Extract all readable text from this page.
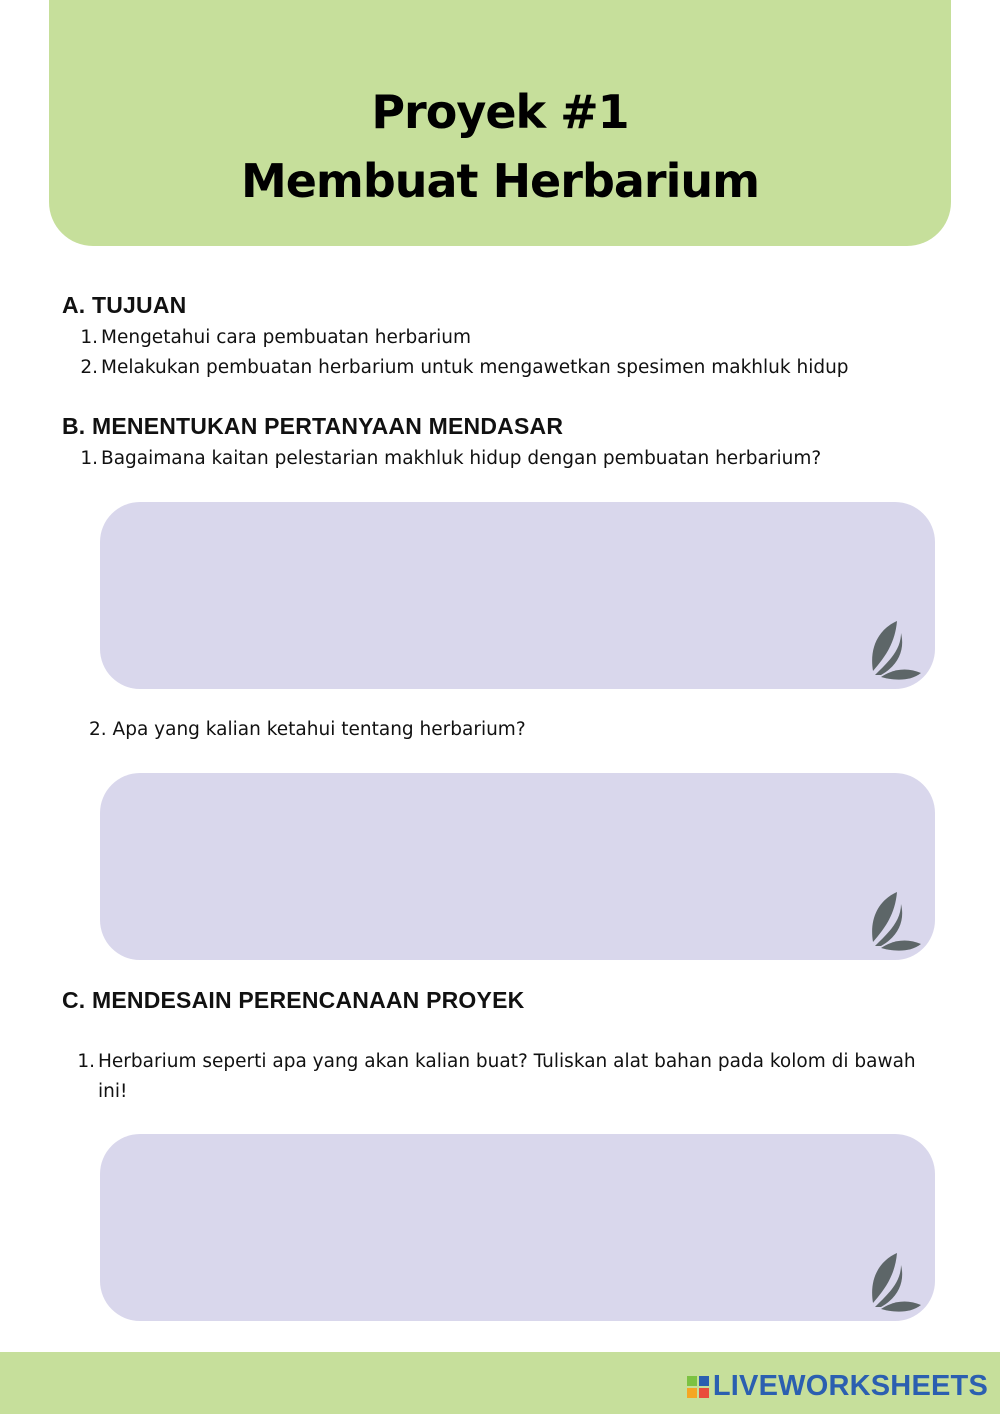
Proyek #1
Membuat Herbarium
A. TUJUAN

1. Mengetahui cara pembuatan herbarium

2. Melakukan pembuatan herbarium untuk mengawetkan spesimen makhluk hidup

B. MENENTUKAN PERTANYAAN MENDASAR

1. Bagaimana kaitan pelestarian makhluk hidup dengan pembuatan herbarium?

2. Apa yang kalian ketahui tentang herbarium?

C. MENDESAIN PERENCANAAN PROYEK

1. Herbarium seperti apa yang akan kalian buat? Tuliskan alat bahan pada kolom di bawah ini!

LIVEWORKSHEETS
